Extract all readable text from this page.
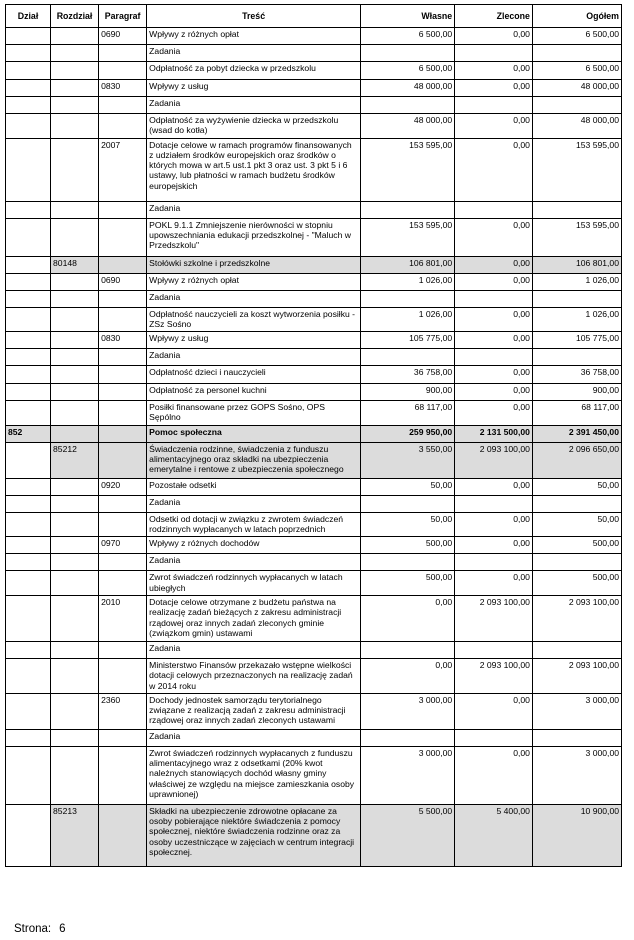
Dział	Rozdział	Paragraf	Treść	Własne	Zlecone	Ogółem
		0690	Wpływy z różnych opłat	6 500,00	0,00	6 500,00
			Zadania			
			Odpłatność za pobyt dziecka w przedszkolu	6 500,00	0,00	6 500,00
		0830	Wpływy z usług	48 000,00	0,00	48 000,00
			Zadania			
			Odpłatność za wyżywienie dziecka w przedszkolu (wsad do kotła)	48 000,00	0,00	48 000,00
		2007	Dotacje celowe w ramach programów finansowanych z udziałem środków europejskich oraz środków o których mowa w art.5 ust.1 pkt 3 oraz ust. 3 pkt 5 i 6 ustawy, lub płatności w ramach budżetu środków europejskich	153 595,00	0,00	153 595,00
			Zadania			
			POKL 9.1.1 Zmniejszenie nierówności w stopniu upowszechniania edukacji przedszkolnej - "Maluch w Przedszkolu"	153 595,00	0,00	153 595,00
	80148		Stołówki szkolne i przedszkolne	106 801,00	0,00	106 801,00
		0690	Wpływy z różnych opłat	1 026,00	0,00	1 026,00
			Zadania			
			Odpłatność nauczycieli za koszt wytworzenia posiłku - ZSz Sośno	1 026,00	0,00	1 026,00
		0830	Wpływy z usług	105 775,00	0,00	105 775,00
			Zadania			
			Odpłatność dzieci i nauczycieli	36 758,00	0,00	36 758,00
			Odpłatność za personel kuchni	900,00	0,00	900,00
			Posiłki finansowane przez GOPS Sośno, OPS Sępólno	68 117,00	0,00	68 117,00
852			Pomoc społeczna	259 950,00	2 131 500,00	2 391 450,00
	85212		Świadczenia rodzinne, świadczenia z funduszu alimentacyjnego oraz składki na ubezpieczenia emerytalne i rentowe z ubezpieczenia społecznego	3 550,00	2 093 100,00	2 096 650,00
		0920	Pozostałe odsetki	50,00	0,00	50,00
			Zadania			
			Odsetki od dotacji w związku z zwrotem świadczeń rodzinnych wypłacanych w latach poprzednich	50,00	0,00	50,00
		0970	Wpływy z różnych dochodów	500,00	0,00	500,00
			Zadania			
			Zwrot świadczeń rodzinnych wypłacanych w latach ubiegłych	500,00	0,00	500,00
		2010	Dotacje celowe otrzymane z budżetu państwa na realizację zadań bieżących z zakresu administracji rządowej oraz innych zadań zleconych gminie (związkom gmin) ustawami	0,00	2 093 100,00	2 093 100,00
			Zadania			
			Ministerstwo Finansów przekazało wstępne wielkości dotacji celowych przeznaczonych na realizację zadań w 2014 roku	0,00	2 093 100,00	2 093 100,00
		2360	Dochody jednostek samorządu terytorialnego związane z realizacją zadań z zakresu administracji rządowej oraz innych zadań zleconych ustawami	3 000,00	0,00	3 000,00
			Zadania			
			Zwrot świadczeń rodzinnych wypłacanych z funduszu alimentacyjnego wraz z odsetkami (20% kwot należnych stanowiących dochód własny gminy właściwej ze względu na miejsce zamieszkania osoby uprawnionej)	3 000,00	0,00	3 000,00
	85213		Składki na ubezpieczenie zdrowotne opłacane za osoby pobierające niektóre świadczenia z pomocy społecznej, niektóre świadczenia rodzinne oraz za osoby uczestniczące w zajęciach w centrum integracji społecznej.	5 500,00	5 400,00	10 900,00
Strona: 6
